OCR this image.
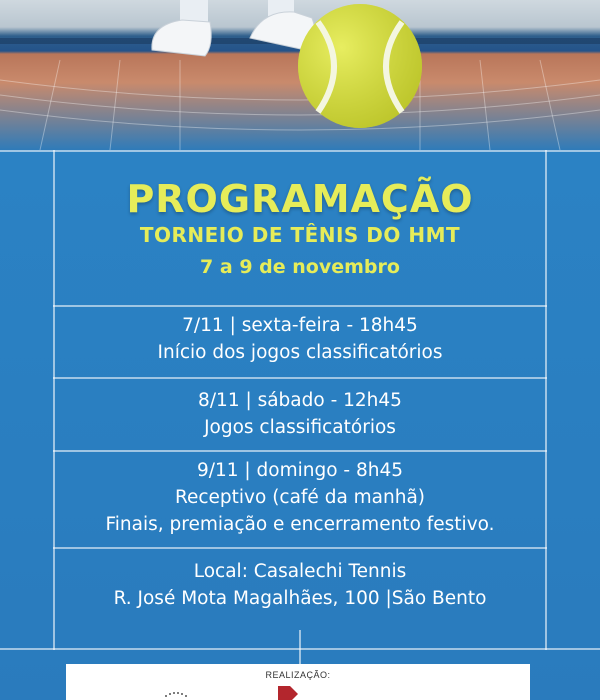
PROGRAMAÇÃO
TORNEIO DE TÊNIS DO HMT
7 a 9 de novembro
7/11 | sexta-feira - 18h45
Início dos jogos classificatórios
8/11 | sábado - 12h45
Jogos classificatórios
9/11 | domingo - 8h45
Receptivo (café da manhã)
Finais, premiação e encerramento festivo.
Local: Casalechi Tennis
R. José Mota Magalhães, 100 |São Bento
REALIZAÇÃO:
